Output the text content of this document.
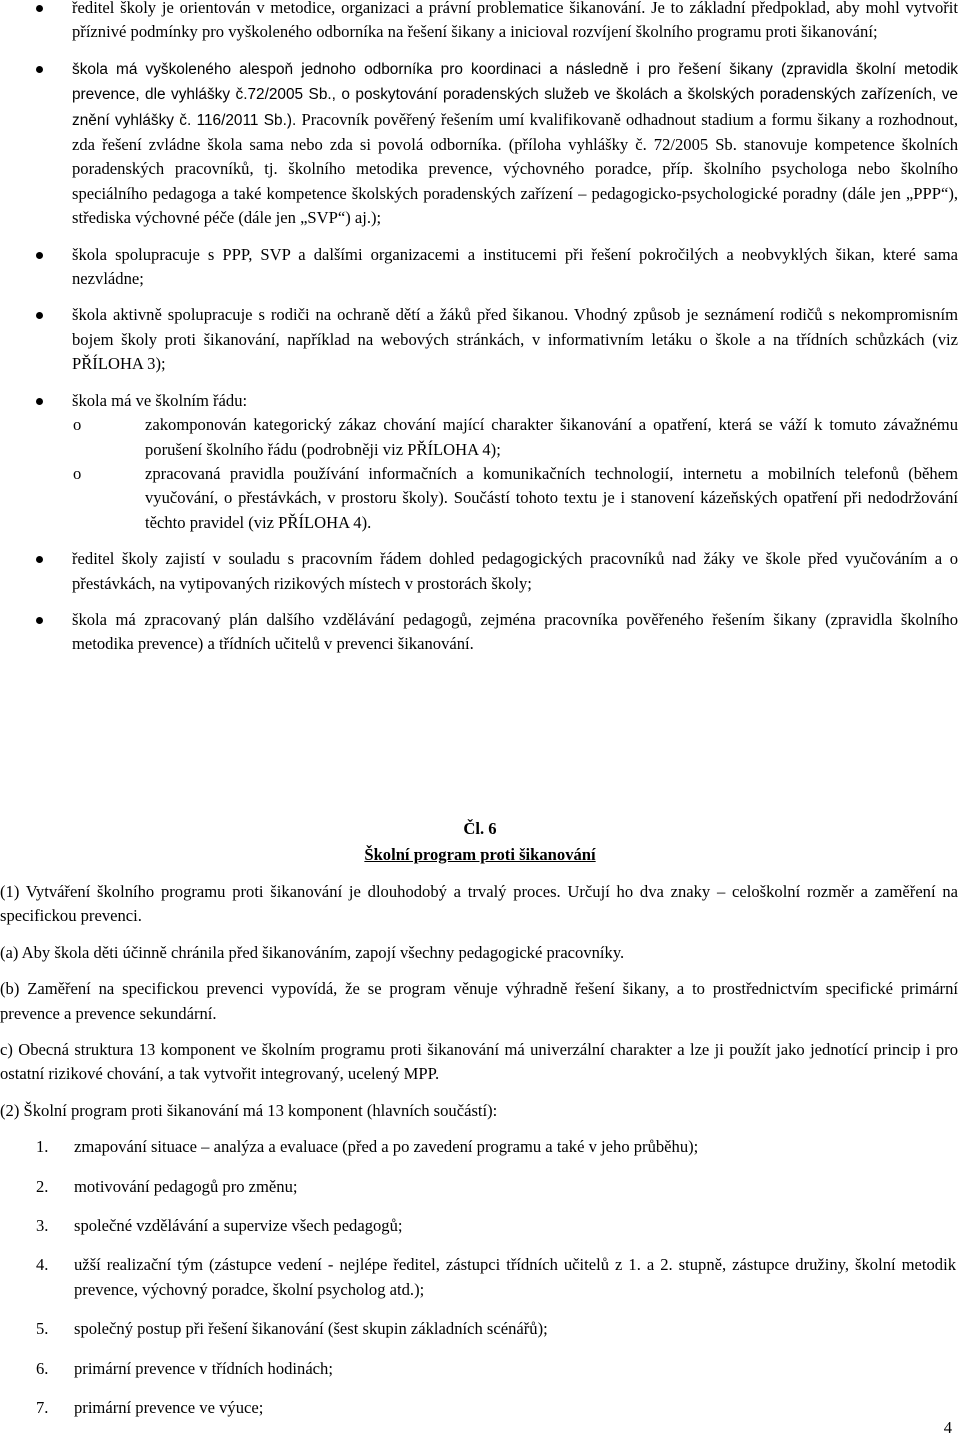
ředitel školy je orientován v metodice, organizaci a právní problematice šikanování. Je to základní předpoklad, aby mohl vytvořit příznivé podmínky pro vyškoleného odborníka na řešení šikany a inicioval rozvíjení školního programu proti šikanování;
škola má vyškoleného alespoň jednoho odborníka pro koordinaci a následně i pro řešení šikany (zpravidla školní metodik prevence, dle vyhlášky č.72/2005 Sb., o poskytování poradenských služeb ve školách a školských poradenských zařízeních, ve znění vyhlášky č. 116/2011 Sb.). Pracovník pověřený řešením umí kvalifikovaně odhadnout stadium a formu šikany a rozhodnout, zda řešení zvládne škola sama nebo zda si povolá odborníka. (příloha vyhlášky č. 72/2005 Sb. stanovuje kompetence školních poradenských pracovníků, tj. školního metodika prevence, výchovného poradce, příp. školního psychologa nebo školního speciálního pedagoga a také kompetence školských poradenských zařízení – pedagogicko-psychologické poradny (dále jen „PPP“), střediska výchovné péče (dále jen „SVP“) aj.);
škola spolupracuje s PPP, SVP a dalšími organizacemi a institucemi při řešení pokročilých a neobvyklých šikan, které sama nezvládne;
škola aktivně spolupracuje s rodiči na ochraně dětí a žáků před šikanou. Vhodný způsob je seznámení rodičů s nekompromisním bojem školy proti šikanování, například na webových stránkách, v informativním letáku o škole a na třídních schůzkách (viz PŘÍLOHA 3);
škola má ve školním řádu:
o	zakomponován kategorický zákaz chování mající charakter šikanování a opatření, která se váží k tomuto závažnému porušení školního řádu (podrobněji viz PŘÍLOHA 4);
o	zpracovaná pravidla používání informačních a komunikačních technologií, internetu a mobilních telefonů (během vyučování, o přestávkách, v prostoru školy). Součástí tohoto textu je i stanovení kázeňských opatření při nedodržování těchto pravidel (viz PŘÍLOHA 4).
ředitel školy zajistí v souladu s pracovním řádem dohled pedagogických pracovníků nad žáky ve škole před vyučováním a o přestávkách, na vytipovaných rizikových místech v prostorách školy;
škola má zpracovaný plán dalšího vzdělávání pedagogů, zejména pracovníka pověřeného řešením šikany (zpravidla školního metodika prevence) a třídních učitelů v prevenci šikanování.
Čl. 6
Školní program proti šikanování

(1) Vytváření školního programu proti šikanování je dlouhodobý a trvalý proces. Určují ho dva znaky – celoškolní rozměr a zaměření na specifickou prevenci.

(a) Aby škola děti účinně chránila před šikanováním, zapojí všechny pedagogické pracovníky.

(b) Zaměření na specifickou prevenci vypovídá, že se program věnuje výhradně řešení šikany, a to prostřednictvím specifické primární prevence a prevence sekundární.

c) Obecná struktura 13 komponent ve školním programu proti šikanování má univerzální charakter a lze ji použít jako jednotící princip i pro ostatní rizikové chování, a tak vytvořit integrovaný, ucelený MPP.

(2) Školní program proti šikanování má 13 komponent (hlavních součástí):

1. zmapování situace – analýza a evaluace (před a po zavedení programu a také v jeho průběhu);
2. motivování pedagogů pro změnu;
3. společné vzdělávání a supervize všech pedagogů;
4. užší realizační tým (zástupce vedení - nejlépe ředitel, zástupci třídních učitelů z 1. a 2. stupně, zástupce družiny, školní metodik prevence, výchovný poradce, školní psycholog atd.);
5. společný postup při řešení šikanování (šest skupin základních scénářů);
6. primární prevence v třídních hodinách;
7. primární prevence ve výuce;
4
